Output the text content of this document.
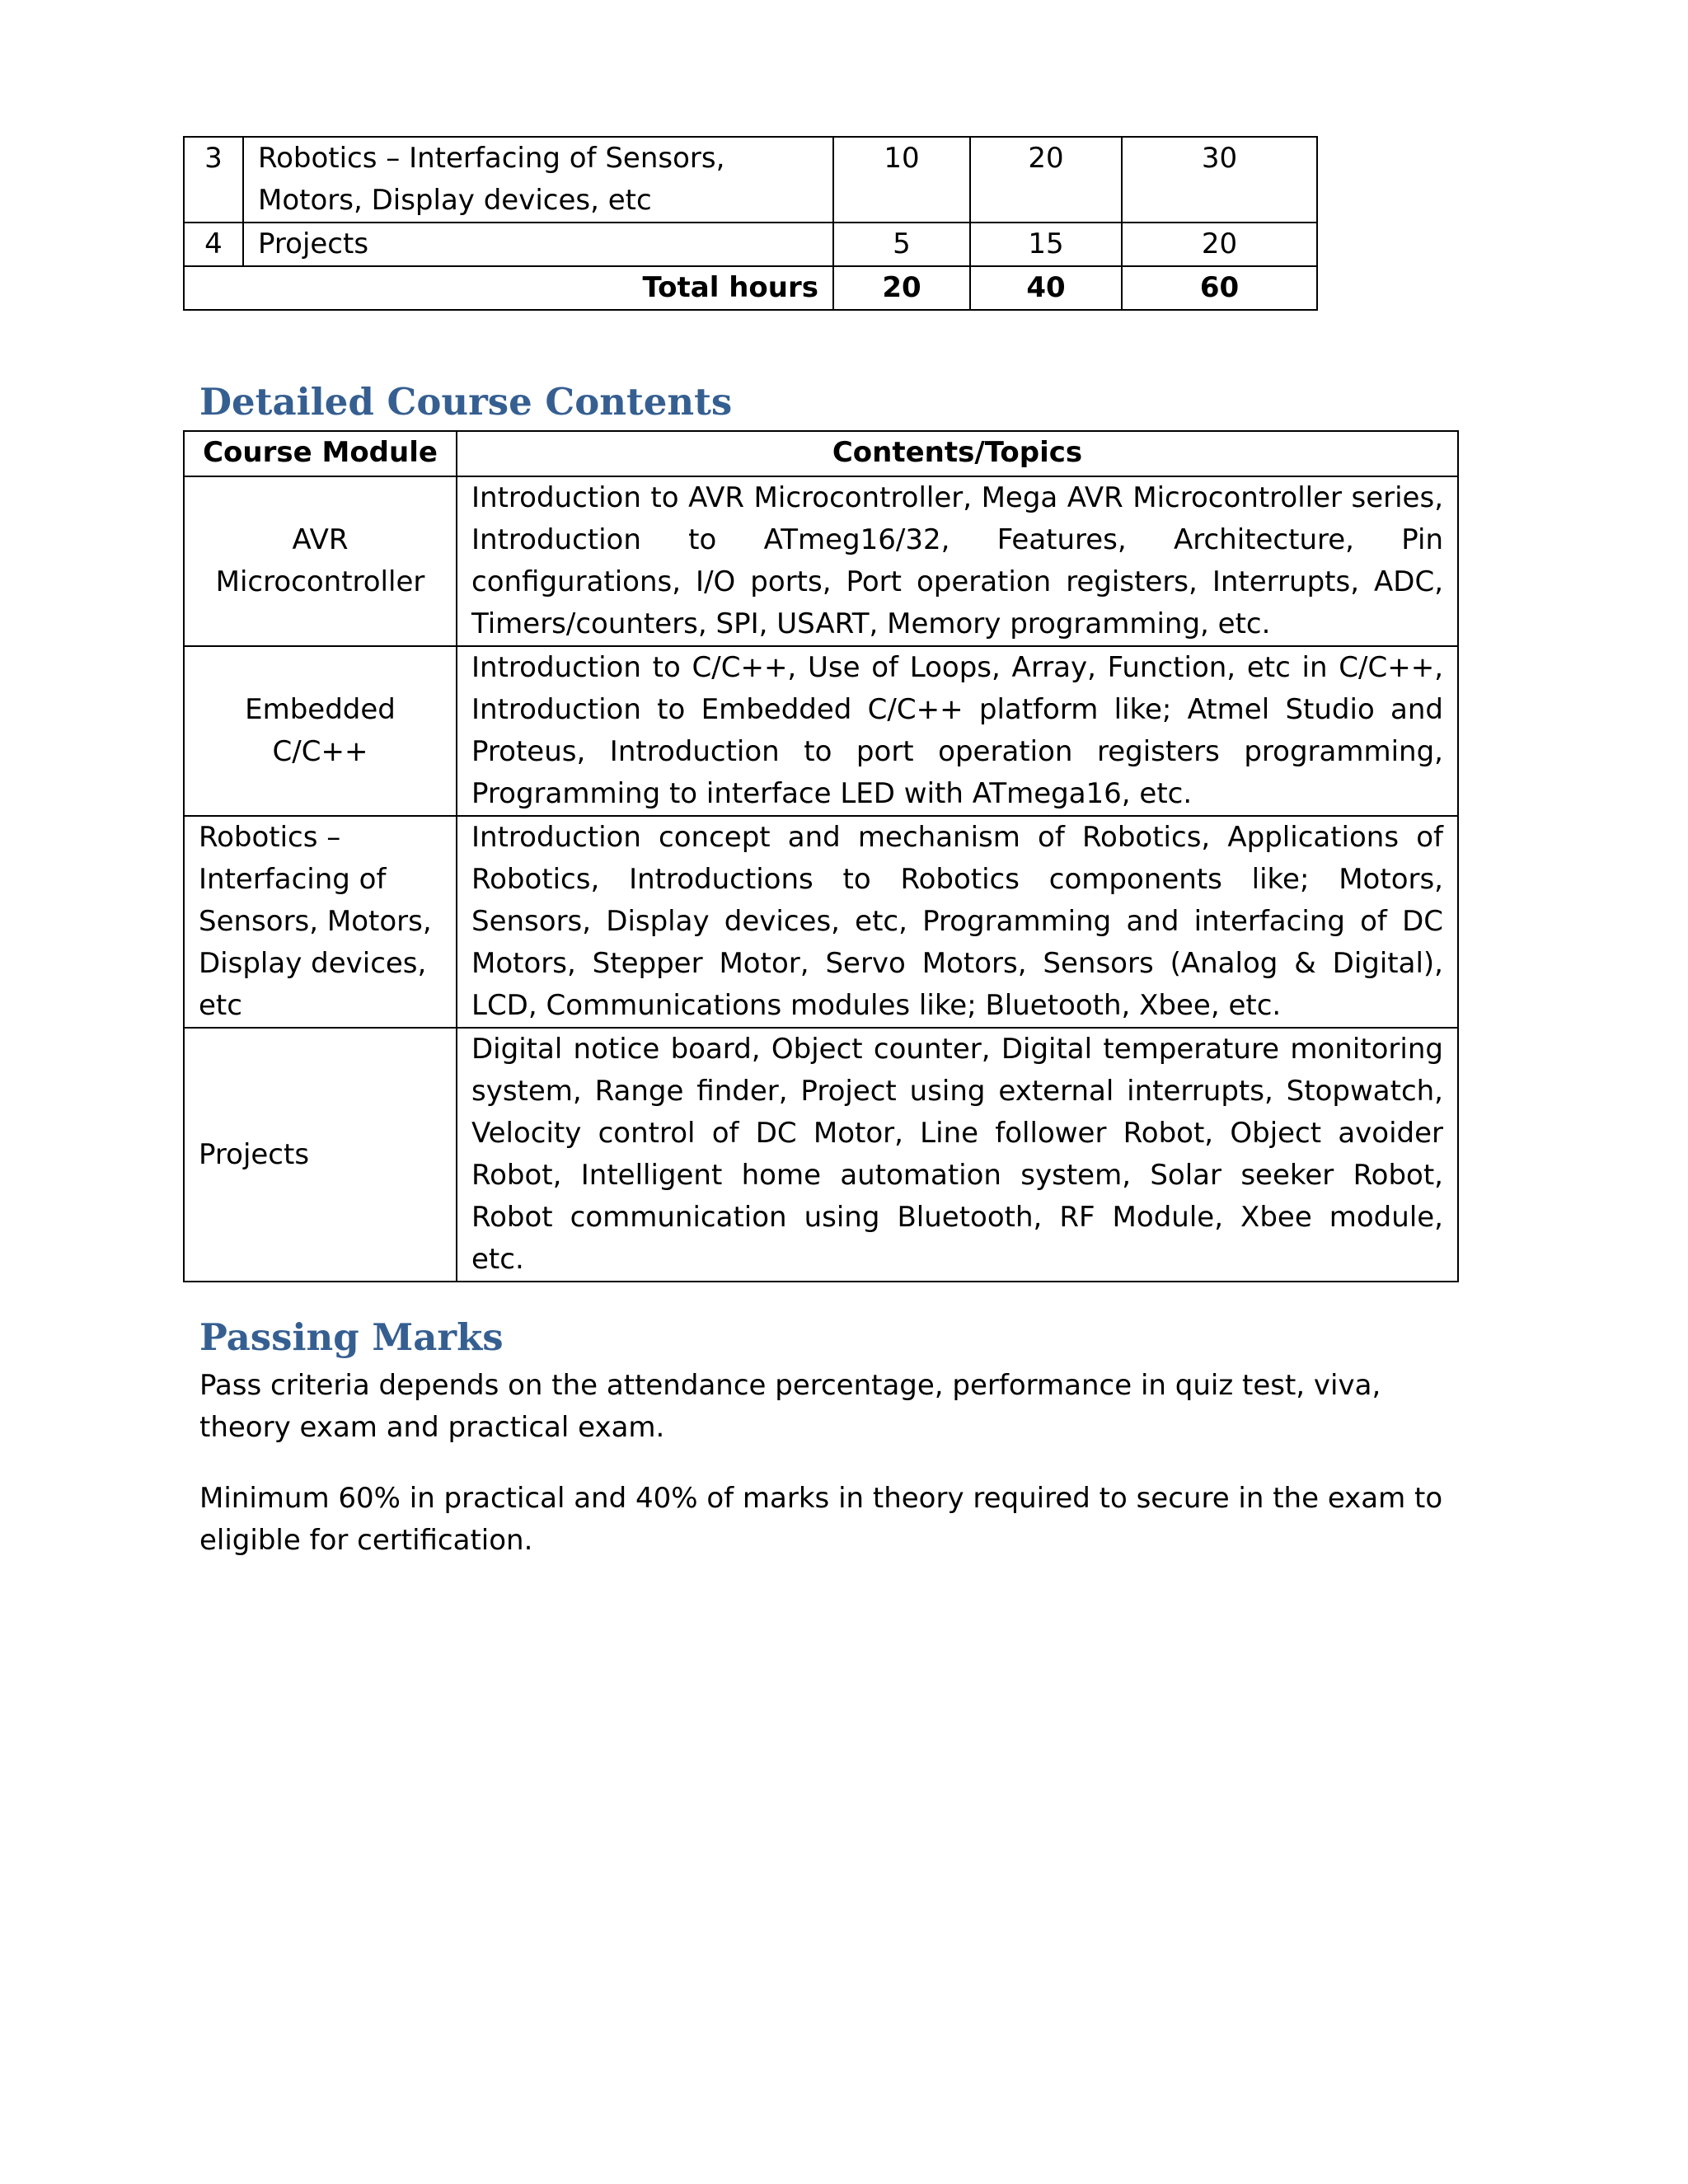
3	Robotics – Interfacing of Sensors, Motors, Display devices, etc	10	20	30
4	Projects	5	15	20
Total hours		20	40	60
Detailed Course Contents
Course Module	Contents/Topics
AVR Microcontroller	Introduction to AVR Microcontroller, Mega AVR Microcontroller series, Introduction to ATmeg16/32, Features, Architecture, Pin configurations, I/O ports, Port operation registers, Interrupts, ADC, Timers/counters, SPI, USART, Memory programming, etc.
Embedded C/C++	Introduction to C/C++, Use of Loops, Array, Function, etc in C/C++, Introduction to Embedded C/C++ platform like; Atmel Studio and Proteus, Introduction to port operation registers programming, Programming to interface LED with ATmega16, etc.
Robotics – Interfacing of Sensors, Motors, Display devices, etc	Introduction concept and mechanism of Robotics, Applications of Robotics, Introductions to Robotics components like; Motors, Sensors, Display devices, etc, Programming and interfacing of DC Motors, Stepper Motor, Servo Motors, Sensors (Analog & Digital), LCD, Communications modules like; Bluetooth, Xbee, etc.
Projects	Digital notice board, Object counter, Digital temperature monitoring system, Range finder, Project using external interrupts, Stopwatch, Velocity control of DC Motor, Line follower Robot, Object avoider Robot, Intelligent home automation system, Solar seeker Robot, Robot communication using Bluetooth, RF Module, Xbee module, etc.
Passing Marks

Pass criteria depends on the attendance percentage, performance in quiz test, viva, theory exam and practical exam.

Minimum 60% in practical and 40% of marks in theory required to secure in the exam to eligible for certification.
